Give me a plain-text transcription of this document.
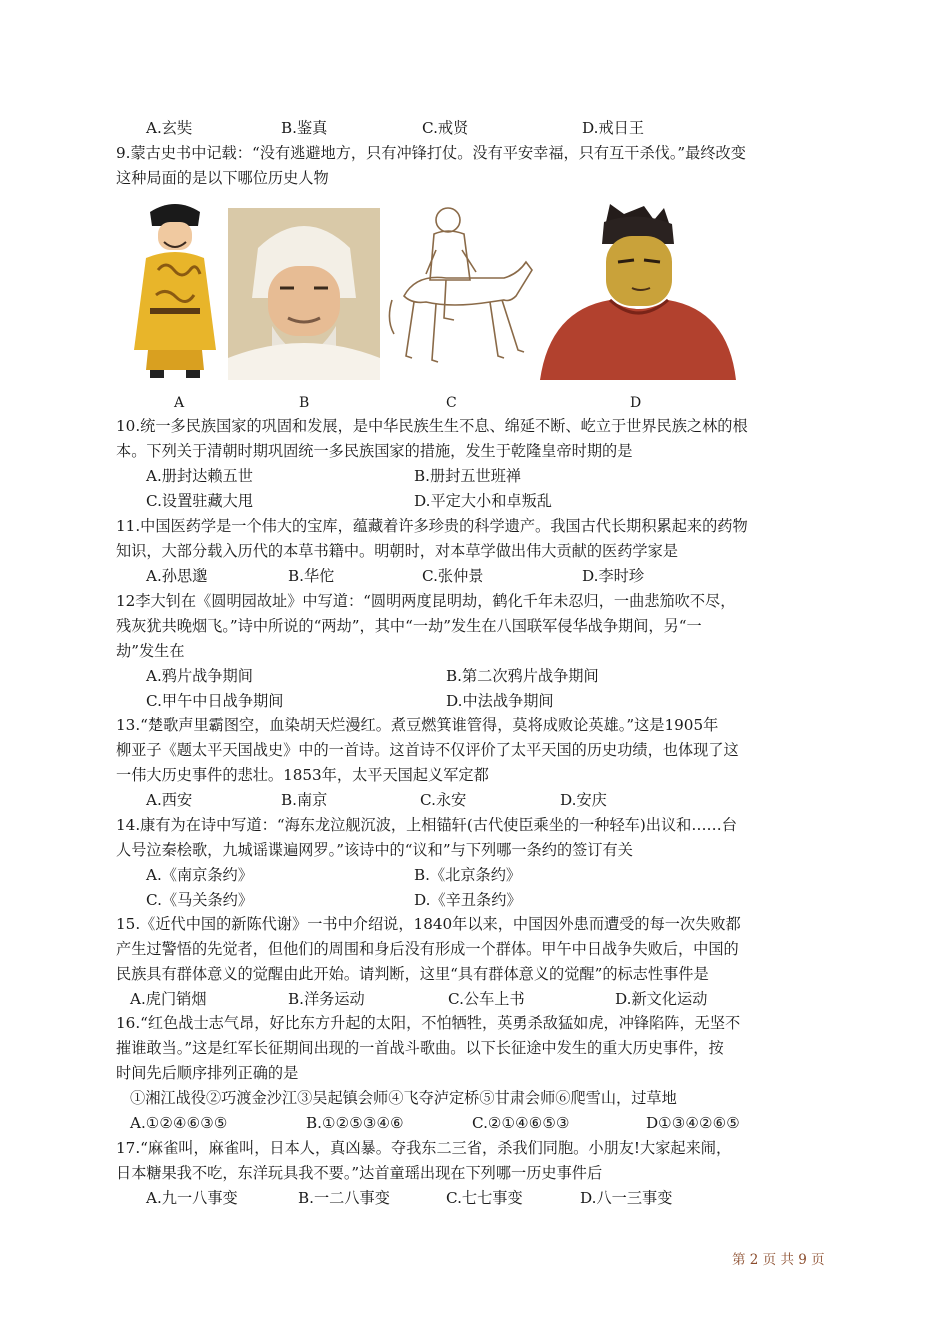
A.玄奘	B.鉴真	C.戒贤	D.戒日王
9.蒙古史书中记载：“没有逃避地方，只有冲锋打仗。没有平安幸福，只有互干杀伐。”最终改变
这种局面的是以下哪位历史人物
A	B	C	D
10.统一多民族国家的巩固和发展，是中华民族生生不息、绵延不断、屹立于世界民族之林的根
本。下列关于清朝时期巩固统一多民族国家的措施，发生于乾隆皇帝时期的是
A.册封达赖五世	B.册封五世班禅
C.设置驻藏大甩	D.平定大小和卓叛乱
11.中国医药学是一个伟大的宝库，蕴藏着许多珍贵的科学遗产。我国古代长期积累起来的药物
知识，大部分载入历代的本草书籍中。明朝时，对本草学做出伟大贡献的医药学家是
A.孙思邈	B.华佗	C.张仲景	D.李时珍
12李大钊在《圆明园故址》中写道：“圆明两度昆明劫，鹤化千年未忍归，一曲悲笳吹不尽，
残灰犹共晚烟飞。”诗中所说的“两劫”，其中“一劫”发生在八国联军侵华战争期间，另“一
劫”发生在
A.鸦片战争期间	B.第二次鸦片战争期间
C.甲午中日战争期间	D.中法战争期间
13.“楚歌声里霸图空，血染胡天烂漫红。煮豆燃箕谁管得，莫将成败论英雄。”这是1905年
柳亚子《题太平天国战史》中的一首诗。这首诗不仅评价了太平天国的历史功绩，也体现了这
一伟大历史事件的悲壮。1853年，太平天国起义军定都
A.西安	B.南京	C.永安	D.安庆
14.康有为在诗中写道：“海东龙泣舰沉波，上相锚轩(古代使臣乘坐的一种轻车)出议和……台
人号泣秦桧歌，九城谣谍遍网罗。”该诗中的“议和”与下列哪一条约的签订有关
A.《南京条约》	B.《北京条约》
C.《马关条约》	D.《辛丑条约》
15.《近代中国的新陈代谢》一书中介绍说，1840年以来，中国因外患而遭受的每一次失败都
产生过警悟的先觉者，但他们的周围和身后没有形成一个群体。甲午中日战争失败后，中国的
民族具有群体意义的觉醒由此开始。请判断，这里“具有群体意义的觉醒”的标志性事件是
A.虎门销烟	B.洋务运动	C.公车上书	D.新文化运动
16.“红色战士志气昂，好比东方升起的太阳，不怕牺牲，英勇杀敌猛如虎，冲锋陷阵，无坚不
摧谁敢当。”这是红军长征期间出现的一首战斗歌曲。以下长征途中发生的重大历史事件，按
时间先后顺序排列正确的是
①湘江战役②巧渡金沙江③吴起镇会师④飞夺泸定桥⑤甘肃会师⑥爬雪山，过草地
A.①②④⑥③⑤	B.①②⑤③④⑥	C.②①④⑥⑤③	D①③④②⑥⑤
17.“麻雀叫，麻雀叫，日本人，真凶暴。夺我东二三省，杀我们同胞。小朋友!大家起来闹，
日本糖果我不吃，东洋玩具我不要。”达首童瑶出现在下列哪一历史事件后
A.九一八事变	B.一二八事变	C.七七事变	D.八一三事变
第 2 页 共 9 页
